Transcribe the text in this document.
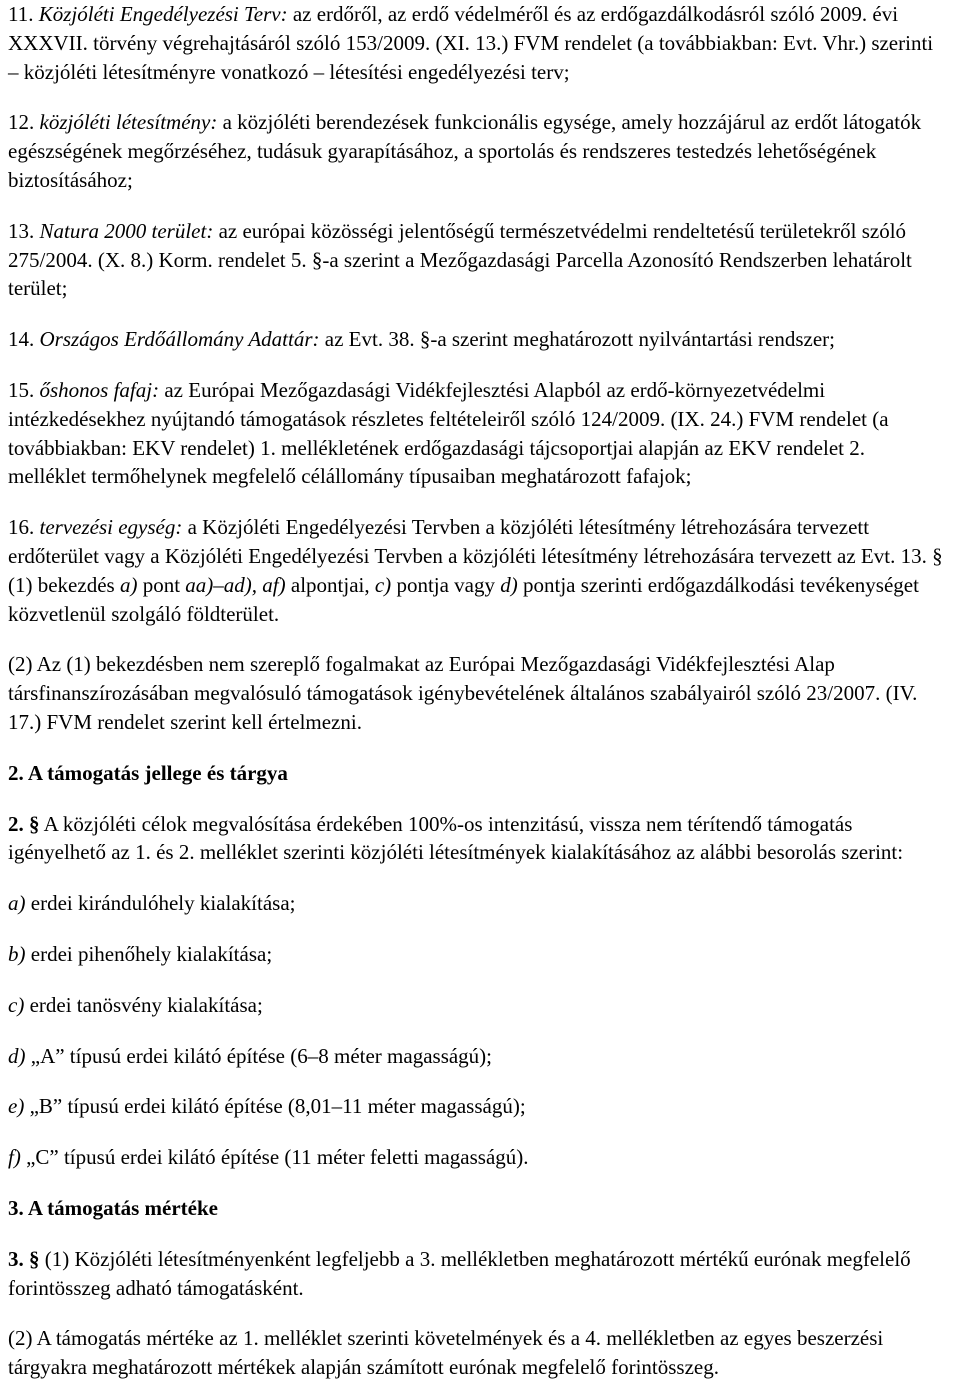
11. Közjóléti Engedélyezési Terv: az erdőről, az erdő védelméről és az erdőgazdálkodásról szóló 2009. évi
XXXVII. törvény végrehajtásáról szóló 153/2009. (XI. 13.) FVM rendelet (a továbbiakban: Evt. Vhr.) szerinti
– közjóléti létesítményre vonatkozó – létesítési engedélyezési terv;
12. közjóléti létesítmény: a közjóléti berendezések funkcionális egysége, amely hozzájárul az erdőt látogatók
egészségének megőrzéséhez, tudásuk gyarapításához, a sportolás és rendszeres testedzés lehetőségének
biztosításához;
13. Natura 2000 terület: az európai közösségi jelentőségű természetvédelmi rendeltetésű területekről szóló
275/2004. (X. 8.) Korm. rendelet 5. §-a szerint a Mezőgazdasági Parcella Azonosító Rendszerben lehatárolt
terület;
14. Országos Erdőállomány Adattár: az Evt. 38. §-a szerint meghatározott nyilvántartási rendszer;
15. őshonos fafaj: az Európai Mezőgazdasági Vidékfejlesztési Alapból az erdő-környezetvédelmi
intézkedésekhez nyújtandó támogatások részletes feltételeiről szóló 124/2009. (IX. 24.) FVM rendelet (a
továbbiakban: EKV rendelet) 1. mellékletének erdőgazdasági tájcsoportjai alapján az EKV rendelet 2.
melléklet termőhelynek megfelelő célállomány típusaiban meghatározott fafajok;
16. tervezési egység: a Közjóléti Engedélyezési Tervben a közjóléti létesítmény létrehozására tervezett
erdőterület vagy a Közjóléti Engedélyezési Tervben a közjóléti létesítmény létrehozására tervezett az Evt. 13. §
(1) bekezdés a) pont aa)–ad), af) alpontjai, c) pontja vagy d) pontja szerinti erdőgazdálkodási tevékenységet
közvetlenül szolgáló földterület.
(2) Az (1) bekezdésben nem szereplő fogalmakat az Európai Mezőgazdasági Vidékfejlesztési Alap
társfinanszírozásában megvalósuló támogatások igénybevételének általános szabályairól szóló 23/2007. (IV.
17.) FVM rendelet szerint kell értelmezni.
2. A támogatás jellege és tárgya
2. § A közjóléti célok megvalósítása érdekében 100%-os intenzitású, vissza nem térítendő támogatás
igényelhető az 1. és 2. melléklet szerinti közjóléti létesítmények kialakításához az alábbi besorolás szerint:
a) erdei kirándulóhely kialakítása;
b) erdei pihenőhely kialakítása;
c) erdei tanösvény kialakítása;
d) „A” típusú erdei kilátó építése (6–8 méter magasságú);
e) „B” típusú erdei kilátó építése (8,01–11 méter magasságú);
f) „C” típusú erdei kilátó építése (11 méter feletti magasságú).
3. A támogatás mértéke
3. § (1) Közjóléti létesítményenként legfeljebb a 3. mellékletben meghatározott mértékű eurónak megfelelő
forintösszeg adható támogatásként.
(2) A támogatás mértéke az 1. melléklet szerinti követelmények és a 4. mellékletben az egyes beszerzési
tárgyakra meghatározott mértékek alapján számított eurónak megfelelő forintösszeg.
